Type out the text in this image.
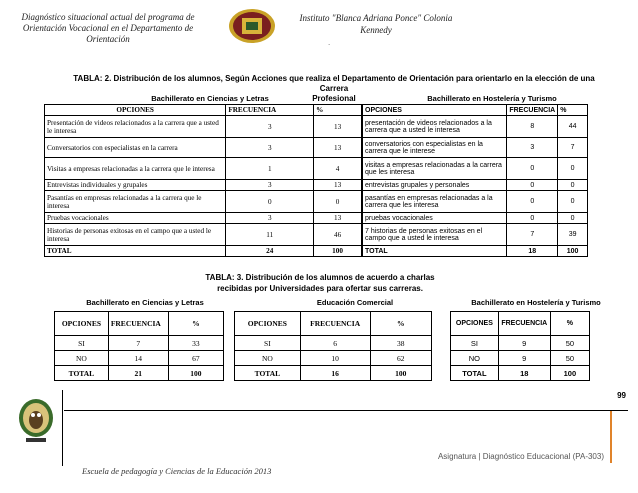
Diagnóstico situacional actual del programa de
Orientación Vocacional en el Departamento de
Orientación
Instituto "Blanca Adriana Ponce" Colonia
Kennedy
.
TABLA: 2. Distribución de los alumnos, Según Acciones que realiza el Departamento de Orientación para orientarlo en la elección de una Carrera
Profesional
Bachillerato en Ciencias y Letras	Bachillerato en Hostelería y Turismo
OPCIONES	FRECUENCIA	%
Presentación de videos relacionados a la carrera que a usted le interesa	3	13
Conversatorios con especialistas en la carrera	3	13
Visitas a empresas relacionadas a la carrera que le interesa	1	4
Entrevistas individuales y grupales	3	13
Pasantías en empresas relacionadas a la carrera que le interesa	0	0
Pruebas vocacionales	3	13
Historias de personas exitosas en el campo que a usted le interesa	11	46
TOTAL	24	100
OPCIONES	FRECUENCIA	%
presentación de videos relacionados a la carrera que a usted le interesa	8	44
conversatorios con especialistas en la carrera que le interese	3	7
visitas a empresas relacionadas a la carrera que les interesa	0	0
entrevistas grupales y personales	0	0
pasantías en empresas relacionadas a la carrera que les interesa	0	0
pruebas vocacionales	0	0
7 historias de personas exitosas en el campo que a usted le interesa	7	39
TOTAL	18	100
TABLA: 3. Distribución de los alumnos de acuerdo a charlas
recibidas por Universidades para ofertar sus carreras.
Bachillerato en Ciencias y Letras	Educación Comercial	Bachillerato en Hostelería y Turismo
OPCIONES	FRECUENCIA	%
SI	7	33
NO	14	67
TOTAL	21	100
OPCIONES	FRECUENCIA	%
SI	6	38
NO	10	62
TOTAL	16	100
OPCIONES	FRECUENCIA	%
SI	9	50
NO	9	50
TOTAL	18	100
99
Asignatura | Diagnóstico Educacional (PA-303)
Escuela de pedagogía y Ciencias de la Educación 2013
